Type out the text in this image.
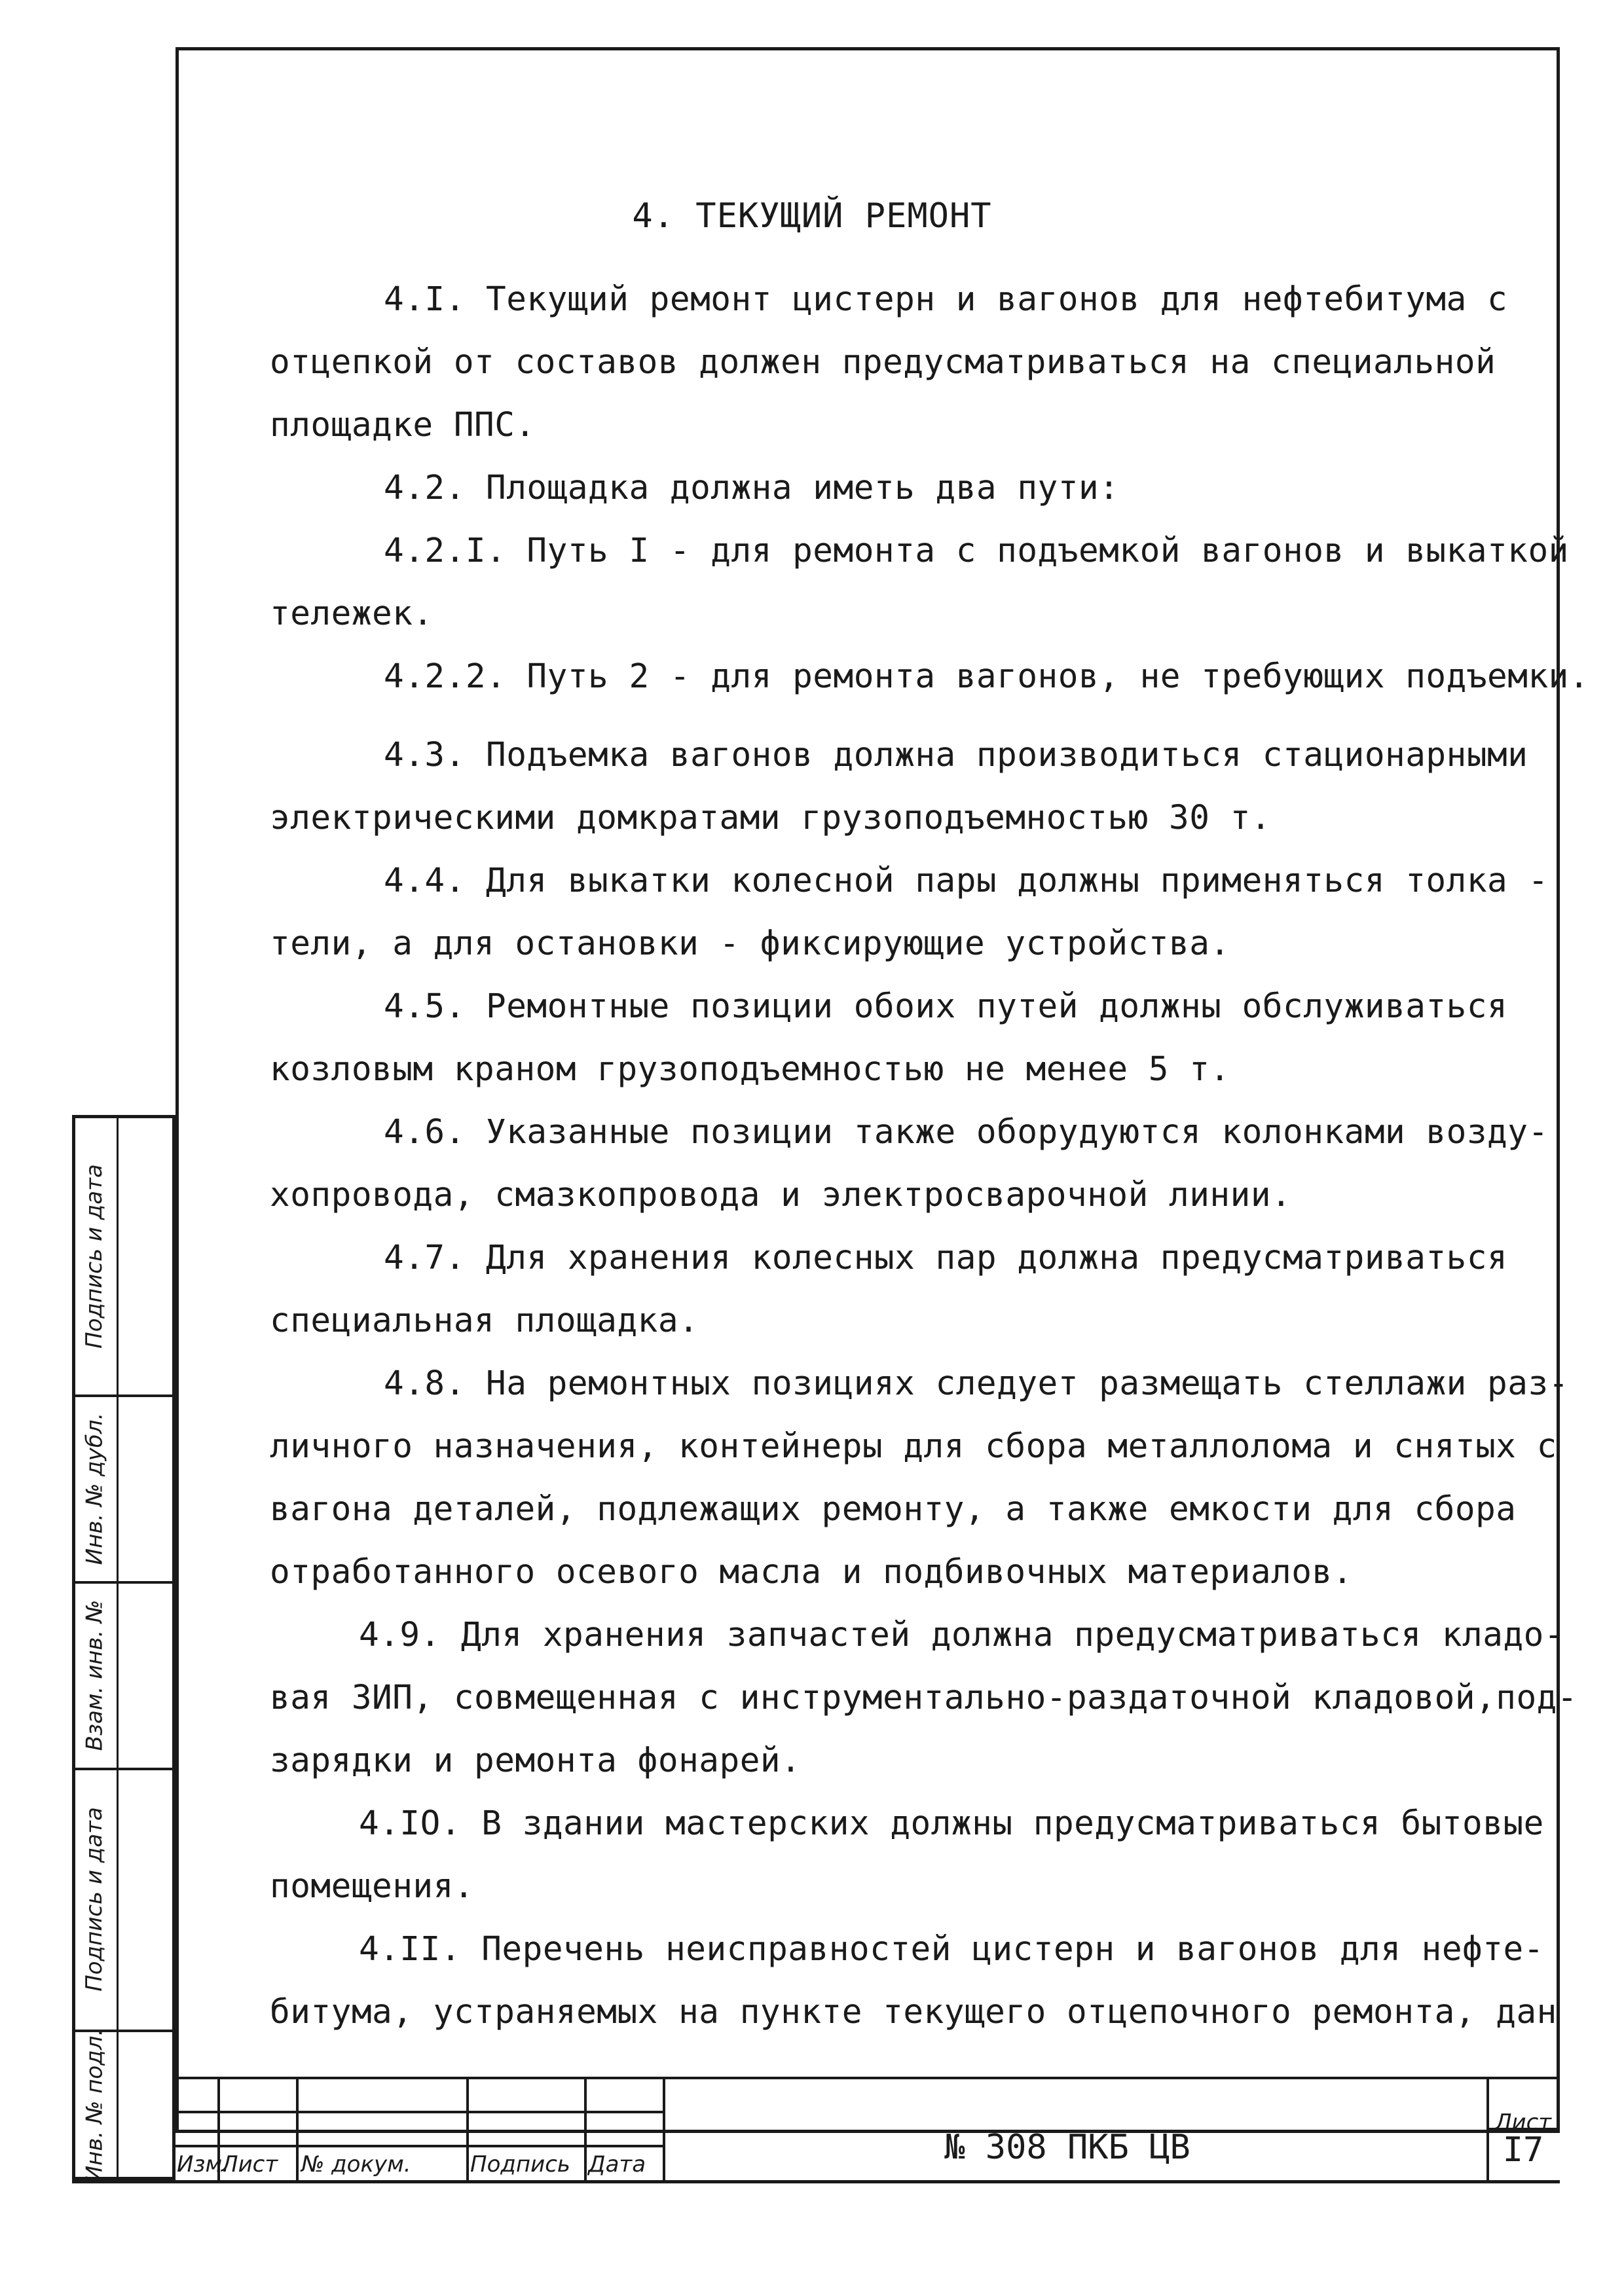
Подпись и дата
Инв. № дубл.
Взам. инв. №
Подпись и дата
Инв. № подл.
4. ТЕКУЩИЙ РЕМОНТ
4.I. Текущий ремонт цистерн и вагонов для нефтебитума с
отцепкой от составов должен предусматриваться на специальной
площадке ППС.
4.2. Площадка должна иметь два пути:
4.2.I. Путь I - для ремонта с подъемкой вагонов и выкаткой
тележек.
4.2.2. Путь 2 - для ремонта вагонов, не требующих подъемки.
4.3. Подъемка вагонов должна производиться стационарными
электрическими домкратами грузоподъемностью 30 т.
4.4. Для выкатки колесной пары должны применяться толка -
тели, а для остановки - фиксирующие устройства.
4.5. Ремонтные позиции обоих путей должны обслуживаться
козловым краном грузоподъемностью не менее 5 т.
4.6. Указанные позиции также оборудуются колонками возду-
хопровода, смазкопровода и электросварочной линии.
4.7. Для хранения колесных пар должна предусматриваться
специальная площадка.
4.8. На ремонтных позициях следует размещать стеллажи раз-
личного назначения, контейнеры для сбора металлолома и снятых с
вагона деталей, подлежащих ремонту, а также емкости для сбора
отработанного осевого масла и подбивочных материалов.
4.9. Для хранения запчастей должна предусматриваться кладо-
вая ЗИП, совмещенная с инструментально-раздаточной кладовой,под-
зарядки и ремонта фонарей.
4.IO. В здании мастерских должны предусматриваться бытовые
помещения.
4.II. Перечень неисправностей цистерн и вагонов для нефте-
битума, устраняемых на пункте текущего отцепочного ремонта, дан
Изм.
Лист	№ докум.	Подпись Дата	№ 308 ПКБ ЦВ
Лист
I7
